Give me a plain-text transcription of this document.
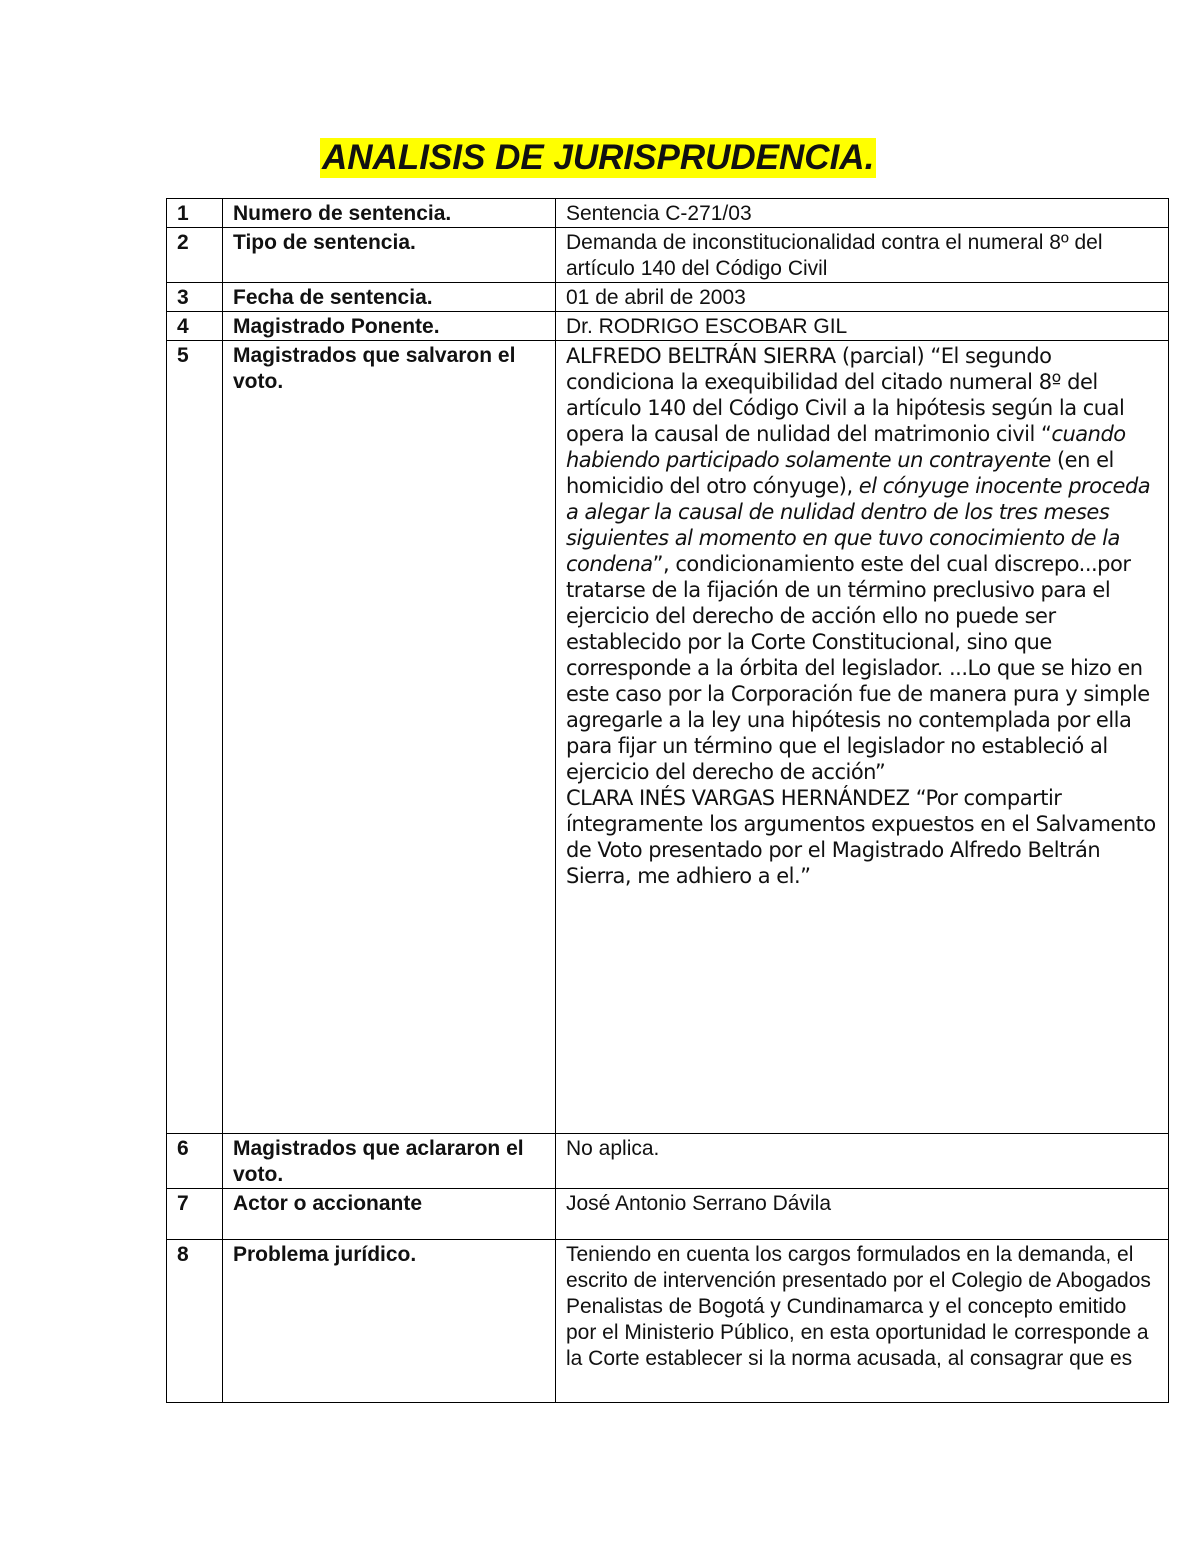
ANALISIS DE JURISPRUDENCIA.
1	Numero de sentencia.	Sentencia C-271/03
2	Tipo de sentencia.	Demanda de inconstitucionalidad contra el numeral 8º del artículo 140 del Código Civil
3	Fecha de sentencia.	01 de abril de 2003
4	Magistrado Ponente.	Dr. RODRIGO ESCOBAR GIL
5	Magistrados que salvaron el voto.	ALFREDO BELTRÁN SIERRA (parcial) “El segundo condiciona la exequibilidad del citado numeral 8º del artículo 140 del Código Civil a la hipótesis según la cual opera la causal de nulidad del matrimonio civil “cuando habiendo participado solamente un contrayente (en el homicidio del otro cónyuge), el cónyuge inocente proceda a alegar la causal de nulidad dentro de los tres meses siguientes al momento en que tuvo conocimiento de la condena”, condicionamiento este del cual discrepo...por tratarse de la fijación de un término preclusivo para el ejercicio del derecho de acción ello no puede ser establecido por la Corte Constitucional, sino que corresponde a la órbita del legislador. ...Lo que se hizo en este caso por la Corporación fue de manera pura y simple agregarle a la ley una hipótesis no contemplada por ella para fijar un término que el legislador no estableció al ejercicio del derecho de acción”
CLARA INÉS VARGAS HERNÁNDEZ “Por compartir íntegramente los argumentos expuestos en el Salvamento de Voto presentado por el Magistrado Alfredo Beltrán Sierra, me adhiero a el.”
6	Magistrados que aclararon el voto.	No aplica.
7	Actor o accionante	José Antonio Serrano Dávila
8	Problema jurídico.	Teniendo en cuenta los cargos formulados en la demanda, el escrito de intervención presentado por el Colegio de Abogados Penalistas de Bogotá y Cundinamarca y el concepto emitido por el Ministerio Público, en esta oportunidad le corresponde a la Corte establecer si la norma acusada, al consagrar que es
